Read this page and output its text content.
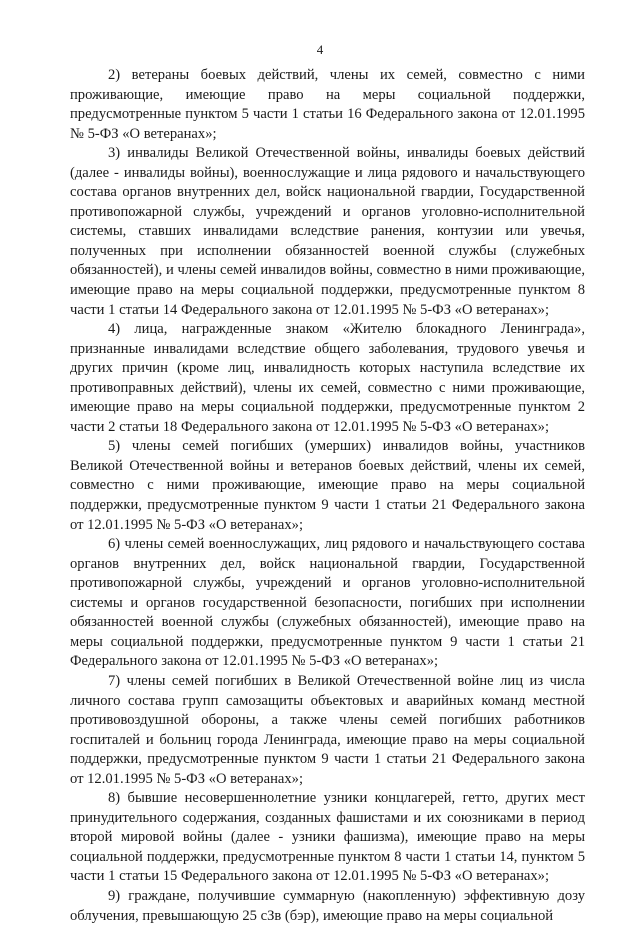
4

2) ветераны боевых действий, члены их семей, совместно с ними проживающие, имеющие право на меры социальной поддержки, предусмотренные пунктом 5 части 1 статьи 16 Федерального закона от 12.01.1995 № 5-ФЗ «О ветеранах»;

3) инвалиды Великой Отечественной войны, инвалиды боевых действий (далее - инвалиды войны), военнослужащие и лица рядового и начальствующего состава органов внутренних дел, войск национальной гвардии, Государственной противопожарной службы, учреждений и органов уголовно-исполнительной системы, ставших инвалидами вследствие ранения, контузии или увечья, полученных при исполнении обязанностей военной службы (служебных обязанностей), и члены семей инвалидов войны, совместно в ними проживающие, имеющие право на меры социальной поддержки, предусмотренные пунктом 8 части 1 статьи 14 Федерального закона от 12.01.1995 № 5-ФЗ «О ветеранах»;

4) лица, награжденные знаком «Жителю блокадного Ленинграда», признанные инвалидами вследствие общего заболевания, трудового увечья и других причин (кроме лиц, инвалидность которых наступила вследствие их противоправных действий), члены их семей, совместно с ними проживающие, имеющие право на меры социальной поддержки, предусмотренные пунктом 2 части 2 статьи 18 Федерального закона от 12.01.1995 № 5-ФЗ «О ветеранах»;

5) члены семей погибших (умерших) инвалидов войны, участников Великой Отечественной войны и ветеранов боевых действий, члены их семей, совместно с ними проживающие, имеющие право на меры социальной поддержки, предусмотренные пунктом 9 части 1 статьи 21 Федерального закона от 12.01.1995 № 5-ФЗ «О ветеранах»;

6) члены семей военнослужащих, лиц рядового и начальствующего состава органов внутренних дел, войск национальной гвардии, Государственной противопожарной службы, учреждений и органов уголовно-исполнительной системы и органов государственной безопасности, погибших при исполнении обязанностей военной службы (служебных обязанностей), имеющие право на меры социальной поддержки, предусмотренные пунктом 9 части 1 статьи 21 Федерального закона от 12.01.1995 № 5-ФЗ «О ветеранах»;

7) члены семей погибших в Великой Отечественной войне лиц из числа личного состава групп самозащиты объектовых и аварийных команд местной противовоздушной обороны, а также члены семей погибших работников госпиталей и больниц города Ленинграда, имеющие право на меры социальной поддержки, предусмотренные пунктом 9 части 1 статьи 21 Федерального закона от 12.01.1995 № 5-ФЗ «О ветеранах»;

8) бывшие несовершеннолетние узники концлагерей, гетто, других мест принудительного содержания, созданных фашистами и их союзниками в период второй мировой войны (далее - узники фашизма), имеющие право на меры социальной поддержки, предусмотренные пунктом 8 части 1 статьи 14, пунктом 5 части 1 статьи 15 Федерального закона от 12.01.1995 № 5-ФЗ «О ветеранах»;

9) граждане, получившие суммарную (накопленную) эффективную дозу облучения, превышающую 25 сЗв (бэр), имеющие право на меры социальной
